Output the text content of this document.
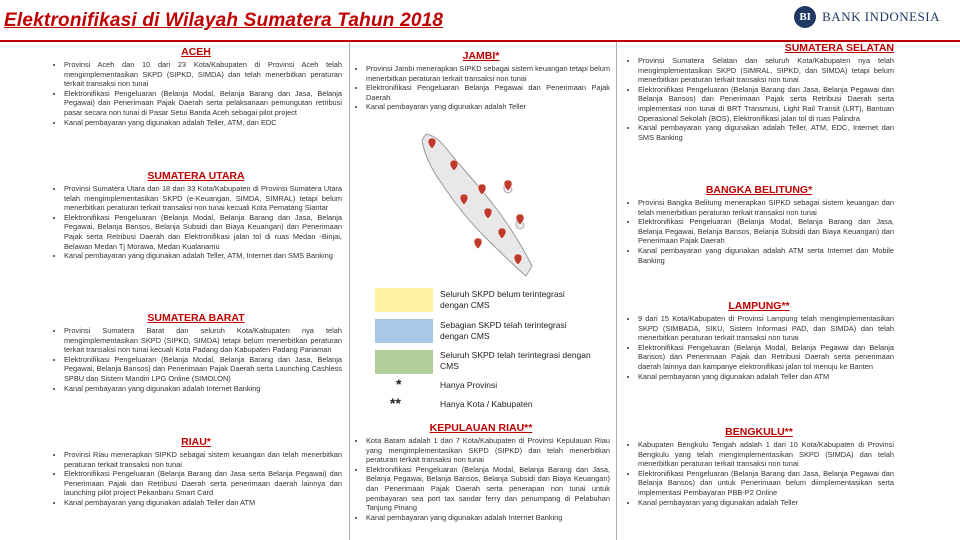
Elektronifikasi di Wilayah Sumatera Tahun 2018	BI BANK INDONESIA
ACEH
• Provinsi Aceh dan 10 dari 23 Kota/Kabupaten di Provinsi Aceh telah mengimplementasikan SKPD (SIPKD, SIMDA) dan telah menerbitkan peraturan terkait transaksi non tunai
• Elektronifikasi Pengeluaran (Belanja Modal, Belanja Barang dan Jasa, Belanja Pegawai) dan Penerimaan Pajak Daerah serta pelaksanaan pemungutan retribusi pasar secara non tunai di Pasar Setui Banda Aceh sebagai pilot project
• Kanal pembayaran yang digunakan adalah Teller, ATM, dan EDC
SUMATERA UTARA
• Provinsi Sumatera Utara dan 18 dari 33 Kota/Kabupaten di Provinsi Sumatera Utara telah mengimplementasikan SKPD (e-Keuangan, SIMDA, SIMRAL) tetapi belum menerbitkan peraturan terkait transaksi non tunai kecuali Kota Pematang Siantar
• Elektronifikasi Pengeluaran (Belanja Modal, Belanja Barang dan Jasa, Belanja Pegawai, Belanja Bansos, Belanja Subsidi dan Biaya Keuangan) dan Penerimaan Pajak serta Retribusi Daerah dan Elektronifikasi jalan tol di ruas Medan -Binjai, Belawan Medan Tj Morawa, Medan Kualanamu
• Kanal pembayaran yang digunakan adalah Teller, ATM, Internet dan SMS Banking
SUMATERA BARAT
• Provinsi Sumatera Barat dan seluruh Kota/Kabupaten nya telah mengimplementasikan SKPD (SIPKD, SIMDA) tetapi belum menerbitkan peraturan terkait transaksi non tunai kecuali Kota Padang dan Kabupaten Padang Pariaman
• Elektronifikasi Pengeluaran (Belanja Modal, Belanja Barang dan Jasa, Belanja Pegawai, Belanja Bansos) dan Penerimaan Pajak Daerah serta Launching Cashless SPBU dan Sistem Mandiri LPG Online (SIMOLON)
• Kanal pembayaran yang digunakan adalah Internet Banking
RIAU*
• Provinsi Riau menerapkan SIPKD sebagai sistem keuangan dan telah menerbitkan peraturan terkait transaksi non tunai
• Elektronifikasi Pengeluaran (Belanja Barang dan Jasa serta Belanja Pegawai) dan Penerimaan Pajak dan Retribusi Daerah serta penerimaan daerah lainnya dan launching pilot project Pekanbaru Smart Card
• Kanal pembayaran yang digunakan adalah Teller dan ATM
JAMBI*
• Provinsi Jambi menerapkan SIPKD sebagai sistem keuangan tetapi belum menerbitkan peraturan terkait transaksi non tunai
• Elektronifikasi Pengeluaran Belanja Pegawai dan Penerimaan Pajak Daerah
• Kanal pembayaran yang digunakan adalah Teller
Seluruh SKPD belum terintegrasi dengan CMS
Sebagian SKPD telah terintegrasi dengan CMS
Seluruh SKPD telah terintegrasi dengan CMS
*	Hanya Provinsi
**	Hanya Kota / Kabupaten
KEPULAUAN RIAU**
• Kota Batam adalah 1 dari 7 Kota/Kabupaten di Provinsi Kepulauan Riau yang mengimplementasikan SKPD (SIPKD) dan telah menerbitkan peraturan terkait transaksi non tunai
• Elektronifikasi Pengeluaran (Belanja Modal, Belanja Barang dan Jasa, Belanja Pegawai, Belanja Bansos, Belanja Subsidi dan Biaya Keuangan) dan Penerimaan Pajak Daerah serta penerapan non tunai untuk pembayaran sea port tax sandar ferry dan penumpang di Pelabuhan Tanjung Pinang
• Kanal pembayaran yang digunakan adalah Internet Banking
SUMATERA SELATAN
• Provinsi Sumatera Selatan dan seluruh Kota/Kabupaten nya telah mengimplementasikan SKPD (SIMRAL, SIPKD, dan SIMDA) tetapi belum menerbitkan peraturan terkait transaksi non tunai
• Elektronifikasi Pengeluaran (Belanja Barang dan Jasa, Belanja Pegawai dan Belanja Bansos) dan Penerimaan Pajak serta Retribusi Daerah serta implementasi non tunai di BRT Transmusi, Light Rail Transit (LRT), Bantuan Operasional Sekolah (BOS), Elektronifikasi jalan tol di ruas Palindra
• Kanal pembayaran yang digunakan adalah Teller, ATM, EDC, Internet dan SMS Banking
BANGKA BELITUNG*
• Provinsi Bangka Belitung menerapkan SIPKD sebagai sistem keuangan dan telah menerbitkan peraturan terkait transaksi non tunai
• Elektronifikasi Pengeluaran (Belanja Modal, Belanja Barang dan Jasa, Belanja Pegawai, Belanja Bansos, Belanja Subsidi dan Biaya Keuangan) dan Penerimaan Pajak Daerah
• Kanal pembayaran yang digunakan adalah ATM serta Internet dan Mobile Banking
LAMPUNG**
• 9 dari 15 Kota/Kabupaten di Provinsi Lampung telah mengimplementasikan SKPD (SIMBADA, SIKU, Sistem Informasi PAD, dan SIMDA) dan telah menerbitkan peraturan terkait transaksi non tunai
• Elektronifikasi Pengeluaran (Belanja Modal, Belanja Pegawai dan Belanja Bansos) dan Penerimaan Pajak dan Retribusi Daerah serta penerimaan daerah lainnya dan kampanye elektronifikasi jalan tol menuju ke Banten
• Kanal pembayaran yang digunakan adalah Teller dan ATM
BENGKULU**
• Kabupaten Bengkulu Tengah adalah 1 dari 10 Kota/Kabupaten di Provinsi Bengkulu yang telah mengimplementasikan SKPD (SIMDA) dan telah menerbitkan peraturan terkait transaksi non tunai
• Elektronifikasi Pengeluaran (Belanja Barang dan Jasa, Belanja Pegawai dan Belanja Bansos) dan untuk Penerimaan belum diimplementasikan serta implementasi Pembayaran PBB-P2 Online
• Kanal pembayaran yang digunakan adalah Teller
